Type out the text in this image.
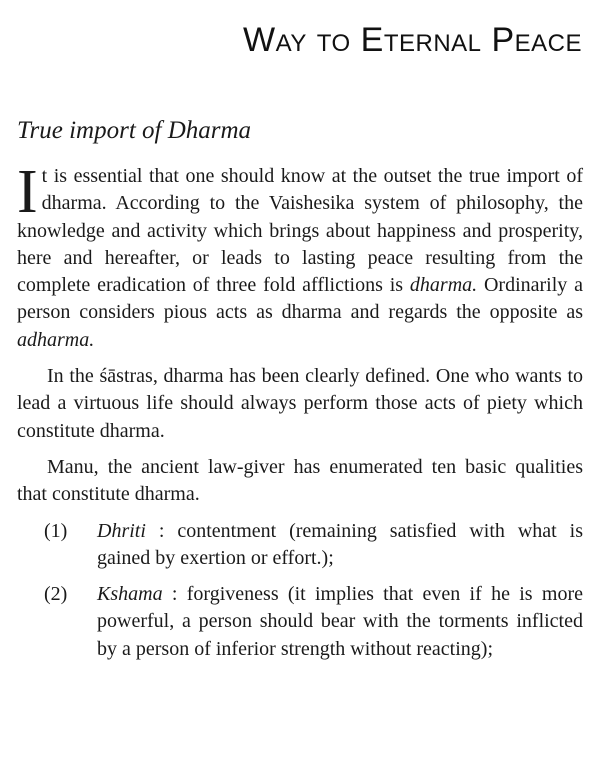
Way to Eternal Peace
True import of Dharma

It is essential that one should know at the outset the true import of dharma. According to the Vaishesika system of philosophy, the knowledge and activity which brings about happiness and prosperity, here and hereafter, or leads to lasting peace resulting from the complete eradication of three fold afflictions is dharma. Ordinarily a person considers pious acts as dharma and regards the opposite as adharma.

In the śāstras, dharma has been clearly defined. One who wants to lead a virtuous life should always perform those acts of piety which constitute dharma.

Manu, the ancient law-giver has enumerated ten basic qualities that constitute dharma.

(1)	Dhriti : contentment (remaining satisfied with what is gained by exertion or effort.);
(2)	Kshama : forgiveness (it implies that even if he is more powerful, a person should bear with the torments inflicted by a person of inferior strength without reacting);
